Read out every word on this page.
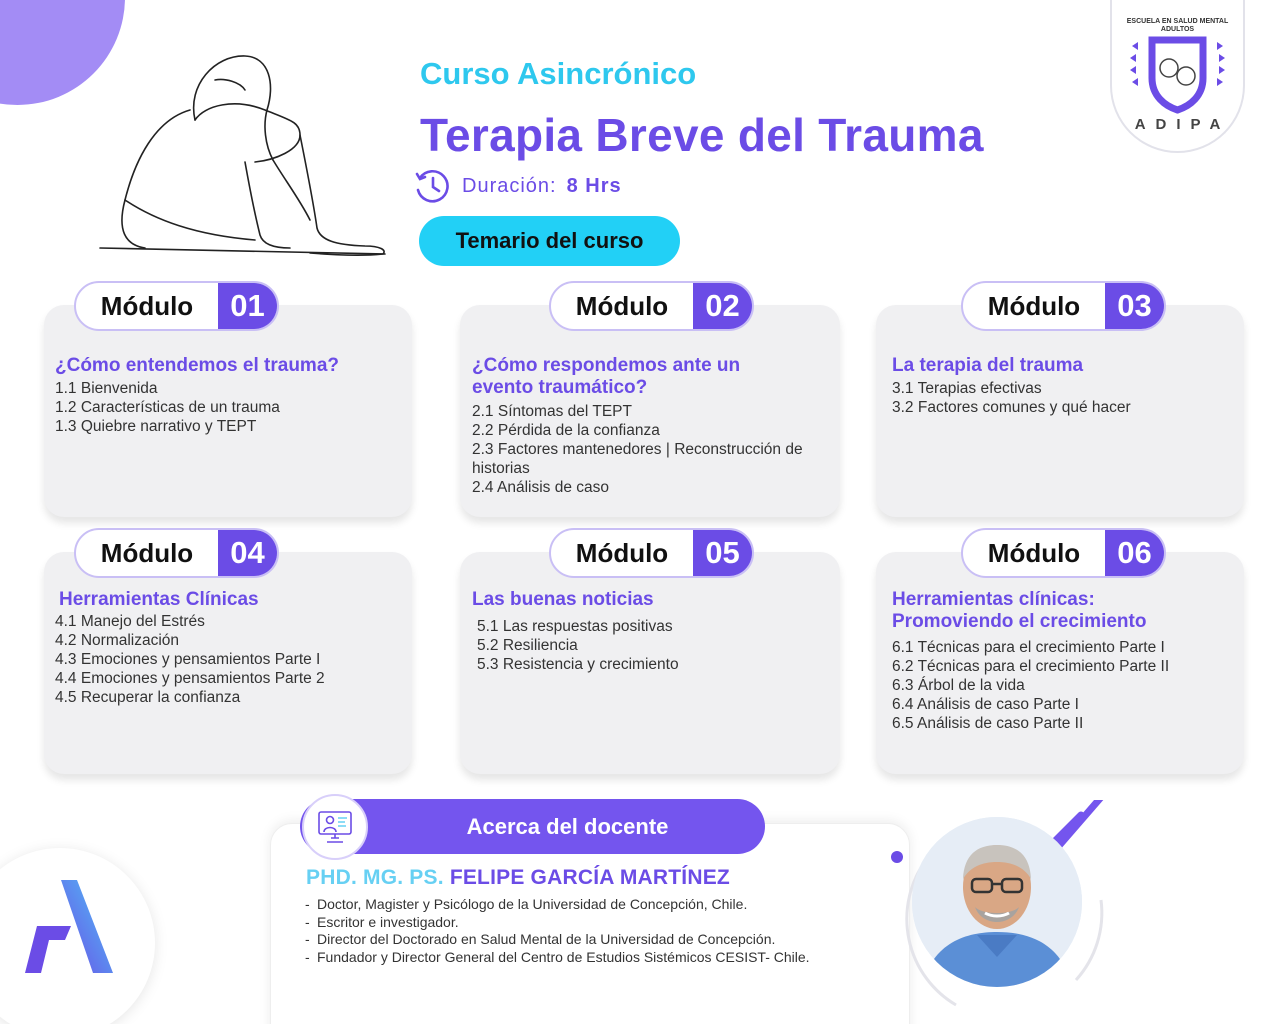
Curso Asincrónico
Terapia Breve del Trauma
Duración: 8 Hrs
Temario del curso
ESCUELA EN SALUD MENTAL
ADULTOS
ADIPA
Módulo	01
¿Cómo entendemos el trauma?
1.1 Bienvenida
1.2 Características de un trauma
1.3 Quiebre narrativo y TEPT
Módulo	02
¿Cómo respondemos ante un evento traumático?
2.1 Síntomas del TEPT
2.2 Pérdida de la confianza
2.3 Factores mantenedores | Reconstrucción de historias
2.4 Análisis de caso
Módulo	03
La terapia del trauma
3.1 Terapias efectivas
3.2 Factores comunes y qué hacer
Módulo	04
Herramientas Clínicas
4.1 Manejo del Estrés
4.2 Normalización
4.3 Emociones y pensamientos Parte I
4.4 Emociones y pensamientos Parte 2
4.5 Recuperar la confianza
Módulo	05
Las buenas noticias
5.1 Las respuestas positivas
5.2 Resiliencia
5.3 Resistencia y crecimiento
Módulo	06
Herramientas clínicas: Promoviendo el crecimiento
6.1 Técnicas para el crecimiento Parte I
6.2 Técnicas para el crecimiento Parte II
6.3 Árbol de la vida
6.4 Análisis de caso Parte I
6.5 Análisis de caso Parte II
Acerca del docente
PHD. MG. PS. FELIPE GARCÍA MARTÍNEZ
- Doctor, Magister y Psicólogo de la Universidad de Concepción, Chile.
- Escritor e investigador.
- Director del Doctorado en Salud Mental de la Universidad de Concepción.
- Fundador y Director General del Centro de Estudios Sistémicos CESIST- Chile.
